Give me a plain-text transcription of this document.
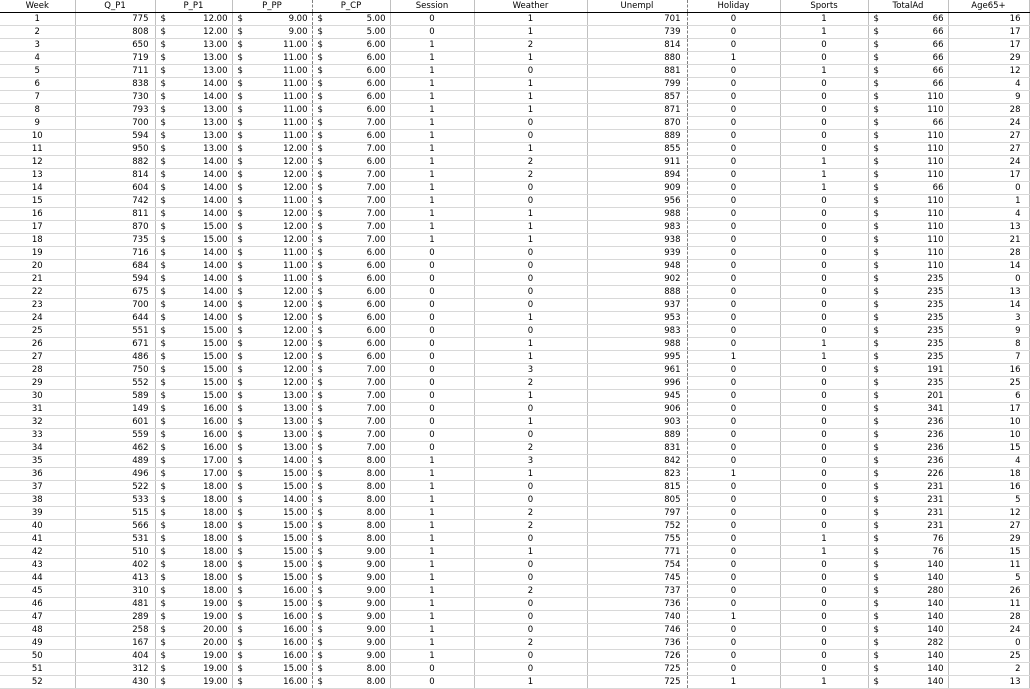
Week	Q_P1	P_P1	P_PP	P_CP	Session	Weather	Unempl	Holiday	Sports	TotalAd	Age65+
1	775	$ 12.00	$ 9.00	$ 5.00	0	1	701	0	1	$ 66	16
2	808	$ 12.00	$ 9.00	$ 5.00	0	1	739	0	1	$ 66	17
3	650	$ 13.00	$ 11.00	$ 6.00	1	2	814	0	0	$ 66	17
4	719	$ 13.00	$ 11.00	$ 6.00	1	1	880	1	0	$ 66	29
5	711	$ 13.00	$ 11.00	$ 6.00	1	0	881	0	1	$ 66	12
6	838	$ 14.00	$ 11.00	$ 6.00	1	1	799	0	0	$ 66	4
7	730	$ 14.00	$ 11.00	$ 6.00	1	1	857	0	0	$ 110	9
8	793	$ 13.00	$ 11.00	$ 6.00	1	1	871	0	0	$ 110	28
9	700	$ 13.00	$ 11.00	$ 7.00	1	0	870	0	0	$ 66	24
10	594	$ 13.00	$ 11.00	$ 6.00	1	0	889	0	0	$ 110	27
11	950	$ 13.00	$ 12.00	$ 7.00	1	1	855	0	0	$ 110	27
12	882	$ 14.00	$ 12.00	$ 6.00	1	2	911	0	1	$ 110	24
13	814	$ 14.00	$ 12.00	$ 7.00	1	2	894	0	1	$ 110	17
14	604	$ 14.00	$ 12.00	$ 7.00	1	0	909	0	1	$ 66	0
15	742	$ 14.00	$ 11.00	$ 7.00	1	0	956	0	0	$ 110	1
16	811	$ 14.00	$ 12.00	$ 7.00	1	1	988	0	0	$ 110	4
17	870	$ 15.00	$ 12.00	$ 7.00	1	1	983	0	0	$ 110	13
18	735	$ 15.00	$ 12.00	$ 7.00	1	1	938	0	0	$ 110	21
19	716	$ 14.00	$ 11.00	$ 6.00	0	0	939	0	0	$ 110	28
20	684	$ 14.00	$ 11.00	$ 6.00	0	0	948	0	0	$ 110	14
21	594	$ 14.00	$ 11.00	$ 6.00	0	0	902	0	0	$ 235	0
22	675	$ 14.00	$ 12.00	$ 6.00	0	0	888	0	0	$ 235	13
23	700	$ 14.00	$ 12.00	$ 6.00	0	0	937	0	0	$ 235	14
24	644	$ 14.00	$ 12.00	$ 6.00	0	1	953	0	0	$ 235	3
25	551	$ 15.00	$ 12.00	$ 6.00	0	0	983	0	0	$ 235	9
26	671	$ 15.00	$ 12.00	$ 6.00	0	1	988	0	1	$ 235	8
27	486	$ 15.00	$ 12.00	$ 6.00	0	1	995	1	1	$ 235	7
28	750	$ 15.00	$ 12.00	$ 7.00	0	3	961	0	0	$ 191	16
29	552	$ 15.00	$ 12.00	$ 7.00	0	2	996	0	0	$ 235	25
30	589	$ 15.00	$ 13.00	$ 7.00	0	1	945	0	0	$ 201	6
31	149	$ 16.00	$ 13.00	$ 7.00	0	0	906	0	0	$ 341	17
32	601	$ 16.00	$ 13.00	$ 7.00	0	1	903	0	0	$ 236	10
33	559	$ 16.00	$ 13.00	$ 7.00	0	0	889	0	0	$ 236	10
34	462	$ 16.00	$ 13.00	$ 7.00	0	2	831	0	0	$ 236	15
35	489	$ 17.00	$ 14.00	$ 8.00	1	3	842	0	0	$ 236	4
36	496	$ 17.00	$ 15.00	$ 8.00	1	1	823	1	0	$ 226	18
37	522	$ 18.00	$ 15.00	$ 8.00	1	0	815	0	0	$ 231	16
38	533	$ 18.00	$ 14.00	$ 8.00	1	0	805	0	0	$ 231	5
39	515	$ 18.00	$ 15.00	$ 8.00	1	2	797	0	0	$ 231	12
40	566	$ 18.00	$ 15.00	$ 8.00	1	2	752	0	0	$ 231	27
41	531	$ 18.00	$ 15.00	$ 8.00	1	0	755	0	1	$ 76	29
42	510	$ 18.00	$ 15.00	$ 9.00	1	1	771	0	1	$ 76	15
43	402	$ 18.00	$ 15.00	$ 9.00	1	0	754	0	0	$ 140	11
44	413	$ 18.00	$ 15.00	$ 9.00	1	0	745	0	0	$ 140	5
45	310	$ 18.00	$ 16.00	$ 9.00	1	2	737	0	0	$ 280	26
46	481	$ 19.00	$ 15.00	$ 9.00	1	0	736	0	0	$ 140	11
47	289	$ 19.00	$ 16.00	$ 9.00	1	0	740	1	0	$ 140	28
48	258	$ 20.00	$ 16.00	$ 9.00	1	0	746	0	0	$ 140	24
49	167	$ 20.00	$ 16.00	$ 9.00	1	2	736	0	0	$ 282	0
50	404	$ 19.00	$ 16.00	$ 9.00	1	0	726	0	0	$ 140	25
51	312	$ 19.00	$ 15.00	$ 8.00	0	0	725	0	0	$ 140	2
52	430	$ 19.00	$ 16.00	$ 8.00	0	1	725	1	1	$ 140	13
